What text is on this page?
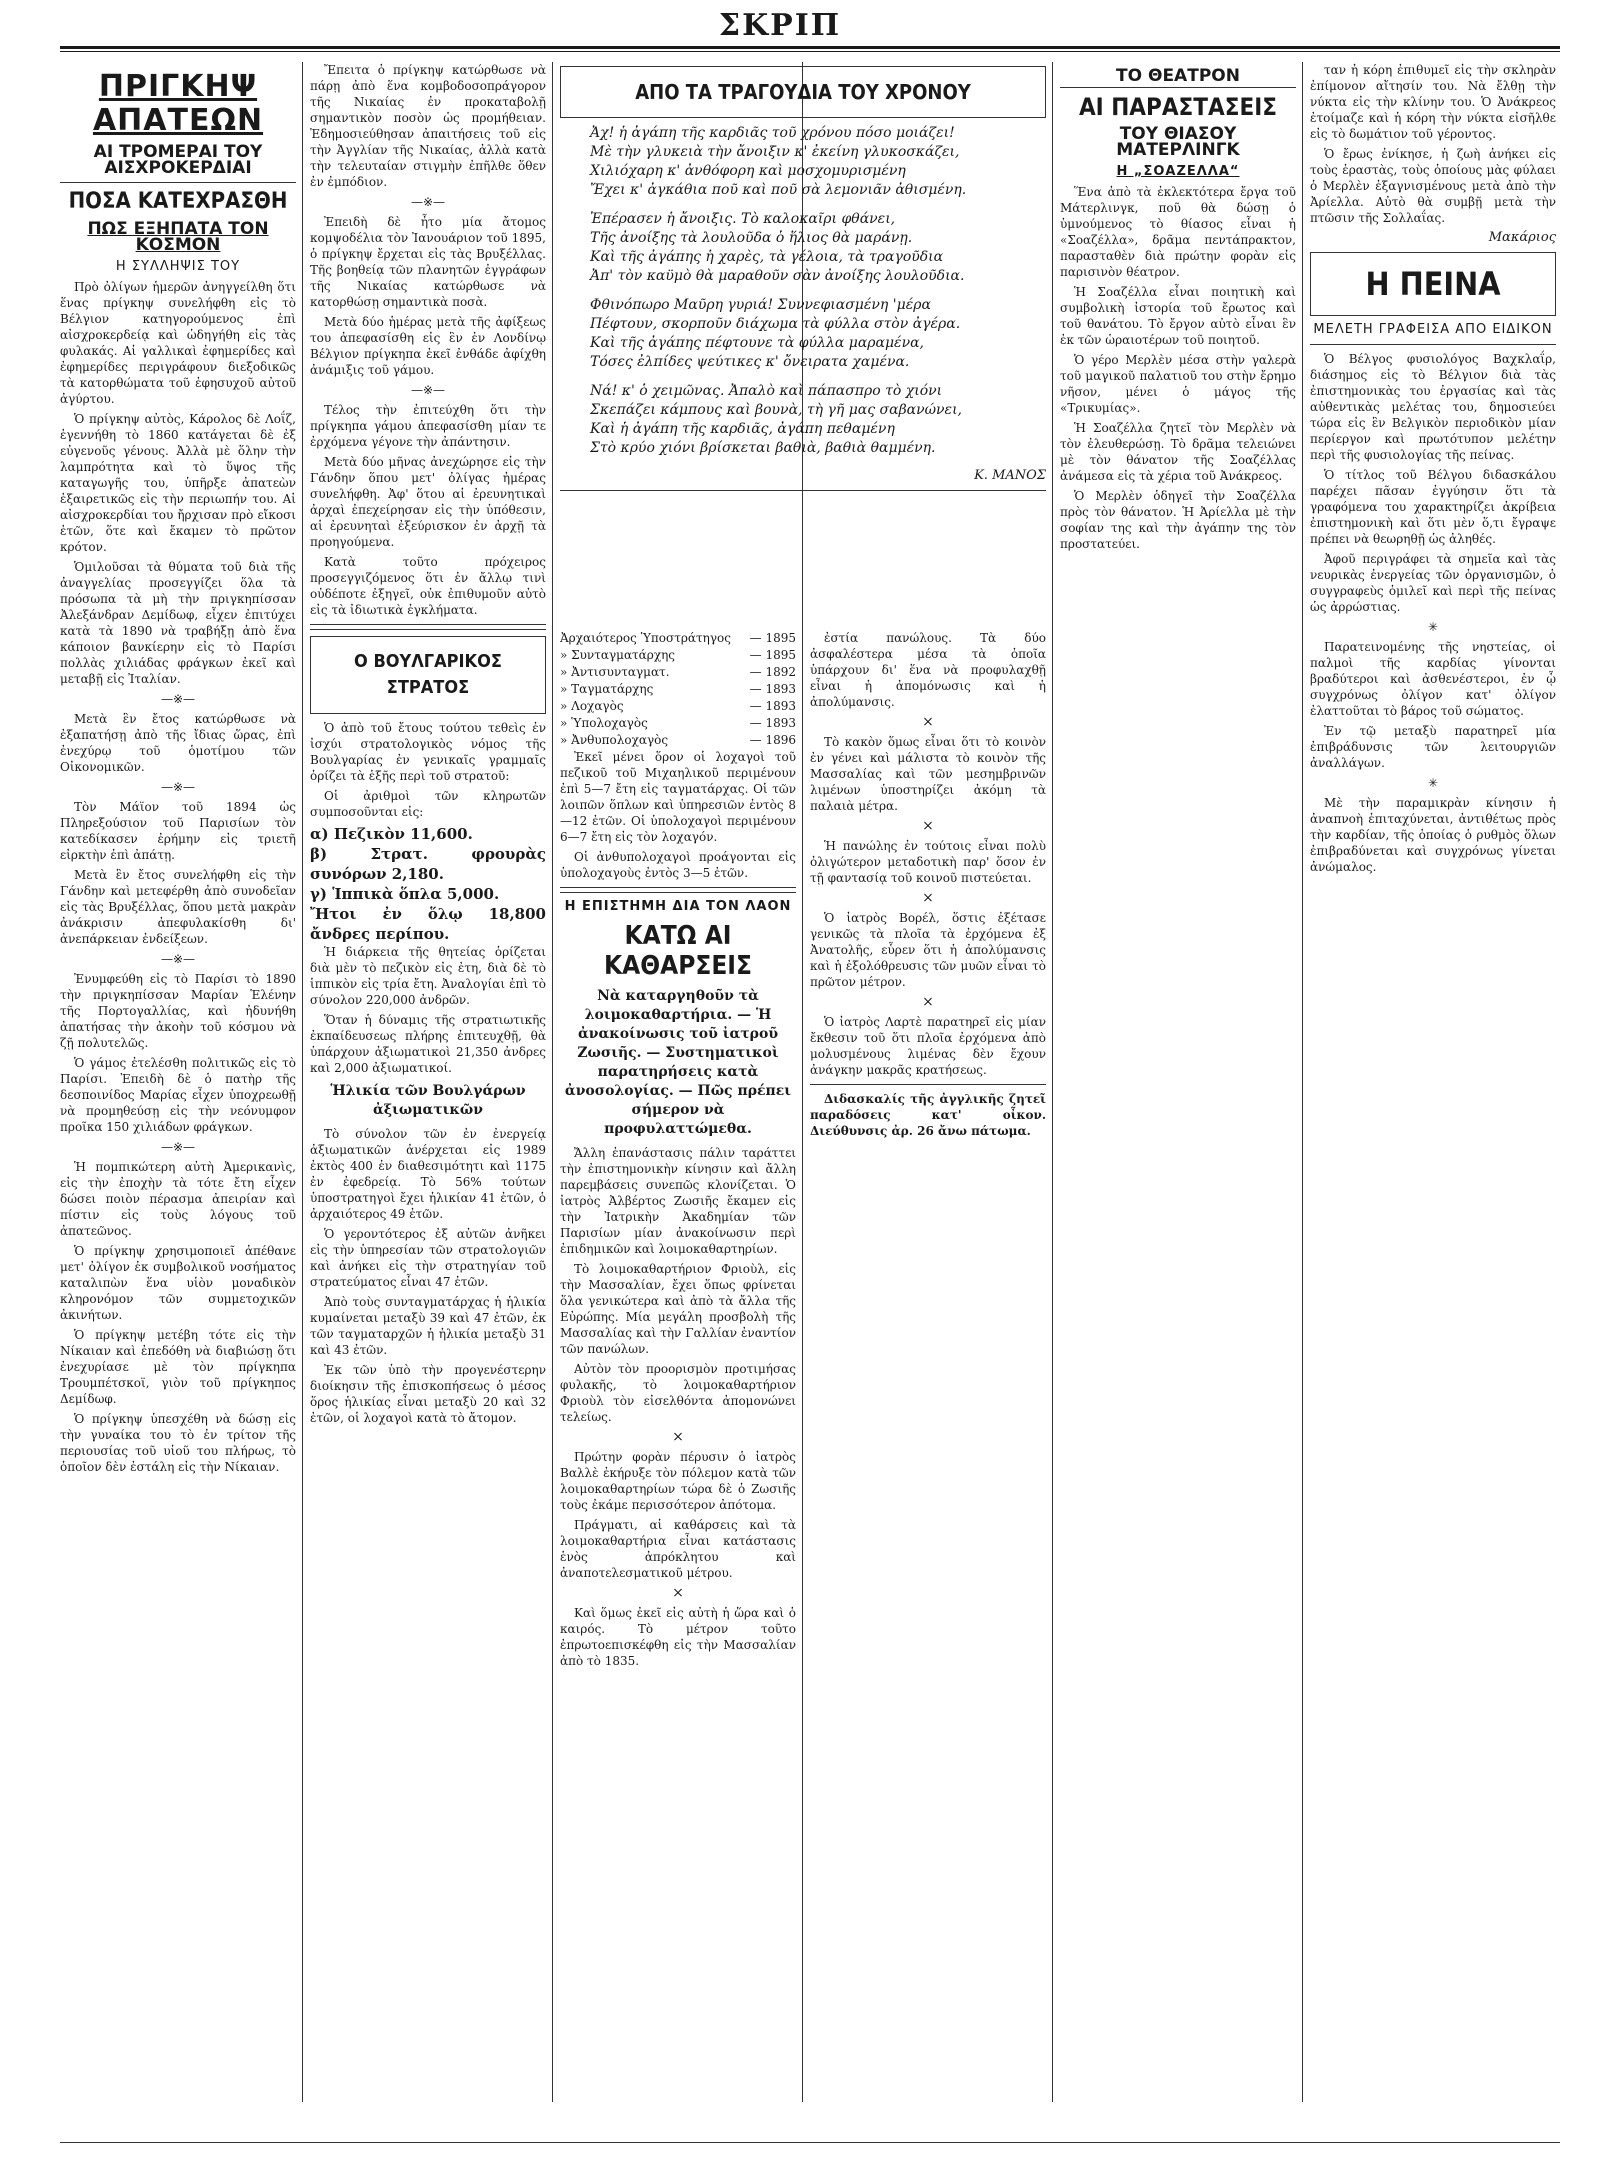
ΣΚΡΙΠ
ΠΡΙΓΚΗΨ ΑΠΑΤΕΩΝ
ΑΙ ΤΡΟΜΕΡΑΙ ΤΟΥ ΑΙΣΧΡΟΚΕΡΔΙΑΙ
ΠΟΣΑ ΚΑΤΕΧΡΑΣΘΗ
ΠΩΣ ΕΞΗΠΑΤΑ ΤΟΝ ΚΟΣΜΟΝ
Η ΣΥΛΛΗΨΙΣ ΤΟΥ

Πρὸ ὀλίγων ἡμερῶν ἀνηγγείλθη ὅτι ἕνας πρίγκηψ συνελήφθη εἰς τὸ Βέλγιον κατηγορούμενος ἐπὶ αἰσχροκερδείᾳ καὶ ὡδηγήθη εἰς τὰς φυλακάς. Αἱ γαλλικαὶ ἐφημερίδες καὶ ἐφημερίδες περιγράφουν διεξοδικῶς τὰ κατορθώματα τοῦ ἐφησυχοῦ αὐτοῦ ἀγύρτου.

Ὁ πρίγκηψ αὐτὸς, Κάρολος δὲ Λοΐζ, ἐγεννήθη τὸ 1860 κατάγεται δὲ ἐξ εὐγενοῦς γένους. Ἀλλὰ μὲ ὅλην τὴν λαμπρότητα καὶ τὸ ὕψος τῆς καταγωγῆς του, ὑπῆρξε ἀπατεὼν ἐξαιρετικῶς εἰς τὴν περιωπήν του. Αἱ αἰσχροκερδίαι του ἤρχισαν πρὸ εἴκοσι ἐτῶν, ὅτε καὶ ἔκαμεν τὸ πρῶτον κρότον.

Ὁμιλοῦσαι τὰ θύματα τοῦ διὰ τῆς ἀναγγελίας προσεγγίζει ὅλα τὰ πρόσωπα τὰ μὴ τὴν πριγκηπίσσαν Ἀλεξάνδραν Δεμίδωφ, εἶχεν ἐπιτύχει κατὰ τὰ 1890 νὰ τραβήξῃ ἀπὸ ἕνα κάποιον βανκίερην εἰς τὸ Παρίσι πολλὰς χιλιάδας φράγκων ἐκεῖ καὶ μεταβῇ εἰς Ἰταλίαν.

—※—

Μετὰ ἓν ἔτος κατώρθωσε νὰ ἐξαπατήσῃ ἀπὸ τῆς ἴδιας ὥρας, ἐπὶ ἐνεχύρῳ τοῦ ὁμοτίμου τῶν Οἰκονομικῶν.

—※—

Τὸν Μάϊον τοῦ 1894 ὡς Πληρεξούσιον τοῦ Παρισίων τὸν κατεδίκασεν ἐρήμην εἰς τριετῆ εἰρκτὴν ἐπὶ ἀπάτῃ.

Μετὰ ἓν ἔτος συνελήφθη εἰς τὴν Γάνδην καὶ μετεφέρθη ἀπὸ συνοδεῖαν εἰς τὰς Βρυξέλλας, ὅπου μετὰ μακρὰν ἀνάκρισιν ἀπεφυλακίσθη δι' ἀνεπάρκειαν ἐνδείξεων.

—※—

Ἐνυμφεύθη εἰς τὸ Παρίσι τὸ 1890 τὴν πριγκηπίσσαν Μαρίαν Ἑλένην τῆς Πορτογαλλίας, καὶ ἠδυνήθη ἀπατήσας τὴν ἀκοὴν τοῦ κόσμου νὰ ζῇ πολυτελῶς.

Ὁ γάμος ἐτελέσθη πολιτικῶς εἰς τὸ Παρίσι. Ἐπειδὴ δὲ ὁ πατὴρ τῆς δεσποινίδος Μαρίας εἶχεν ὑποχρεωθῇ νὰ προμηθεύσῃ εἰς τὴν νεόνυμφον προῖκα 150 χιλιάδων φράγκων.

—※—

Ἡ πομπικώτερη αὐτὴ Ἀμερικανὶς, εἰς τὴν ἐποχὴν τὰ τότε ἔτη εἶχεν δώσει ποιὸν πέρασμα ἀπειρίαν καὶ πίστιν εἰς τοὺς λόγους τοῦ ἀπατεῶνος.

Ὁ πρίγκηψ χρησιμοποιεῖ ἀπέθανε μετ' ὀλίγον ἐκ συμβολικοῦ νοσήματος καταλιπὼν ἕνα υἱὸν μοναδικὸν κληρονόμον τῶν συμμετοχικῶν ἀκινήτων.

Ὁ πρίγκηψ μετέβη τότε εἰς τὴν Νίκαιαν καὶ ἐπεδόθη νὰ διαβιώσῃ ὅτι ἐνεχυρίασε μὲ τὸν πρίγκηπα Τρουμπέτσκοϊ, γιὸν τοῦ πρίγκηπος Δεμίδωφ.

Ὁ πρίγκηψ ὑπεσχέθη νὰ δώσῃ εἰς τὴν γυναίκα του τὸ ἐν τρίτον τῆς περιουσίας τοῦ υἱοῦ του πλήρως, τὸ ὁποῖον δὲν ἐστάλη εἰς τὴν Νίκαιαν.

Ἔπειτα ὁ πρίγκηψ κατώρθωσε νὰ πάρῃ ἀπὸ ἕνα κομβοδοσοπράγορον τῆς Νικαίας ἐν προκαταβολῇ σημαντικὸν ποσὸν ὡς προμήθειαν. Ἐδημοσιεύθησαν ἀπαιτήσεις τοῦ εἰς τὴν Ἀγγλίαν τῆς Νικαίας, ἀλλὰ κατὰ τὴν τελευταίαν στιγμὴν ἐπῆλθε ὅθεν ἐν ἐμπόδιον.

—※—

Ἐπειδὴ δὲ ἦτο μία ἄτομος κομψοδέλια τὸν Ἰανουάριον τοῦ 1895, ὁ πρίγκηψ ἔρχεται εἰς τὰς Βρυξέλλας. Τῆς βοηθείᾳ τῶν πλανητῶν ἐγγράφων τῆς Νικαίας κατώρθωσε νὰ κατορθώσῃ σημαντικὰ ποσὰ.

Μετὰ δύο ἡμέρας μετὰ τῆς ἀφίξεως του ἀπεφασίσθη εἰς ἓν ἐν Λονδίνῳ Βέλγιον πρίγκηπα ἐκεῖ ἐνθάδε ἀφίχθη ἀνάμιξις τοῦ γάμου.

—※—

Τέλος τὴν ἐπιτεύχθη ὅτι τὴν πρίγκηπα γάμου ἀπεφασίσθη μίαν τε ἐρχόμενα γέγονε τὴν ἀπάντησιν.

Μετὰ δύο μῆνας ἀνεχώρησε εἰς τὴν Γάνδην ὅπου μετ' ὀλίγας ἡμέρας συνελήφθη. Ἀφ' ὅτου αἱ ἐρευνητικαὶ ἀρχαὶ ἐπεχείρησαν εἰς τὴν ὑπόθεσιν, αἱ ἐρευνηταὶ ἐξεύρισκον ἐν ἀρχῇ τὰ προηγούμενα.

Κατὰ τοῦτο πρόχειρος προσεγγιζόμενος ὅτι ἐν ἄλλῳ τινὶ οὐδέποτε ἐξηγεῖ, οὐκ ἐπιθυμοῦν αὐτὸ εἰς τὰ ἰδιωτικὰ ἐγκλήματα.

Ο ΒΟΥΛΓΑΡΙΚΟΣ ΣΤΡΑΤΟΣ

Ὁ ἀπὸ τοῦ ἔτους τούτου τεθεὶς ἐν ἰσχύι στρατολογικὸς νόμος τῆς Βουλγαρίας ἐν γενικαῖς γραμμαῖς ὁρίζει τὰ ἑξῆς περὶ τοῦ στρατοῦ:

Οἱ ἀριθμοὶ τῶν κληρωτῶν συμποσοῦνται εἰς:

α) Πεζικὸν 11,600.
β) Στρατ. φρουρὰς συνόρων 2,180.
γ) Ἱππικὰ ὅπλα 5,000.
Ἤτοι ἐν ὅλῳ 18,800 ἄνδρες περίπου.

Ἡ διάρκεια τῆς θητείας ὁρίζεται διὰ μὲν τὸ πεζικὸν εἰς ἐτη, διὰ δὲ τὸ ἱππικὸν εἰς τρία ἔτη. Ἀναλογίαι ἐπὶ τὸ σύνολον 220,000 ἀνδρῶν.

Ὅταν ἡ δύναμις τῆς στρατιωτικῆς ἐκπαίδευσεως πλήρης ἐπιτευχθῇ, θὰ ὑπάρχουν ἀξιωματικοὶ 21,350 ἀνδρες καὶ 2,000 ἀξιωματικοί.

Ἡλικία τῶν Βουλγάρων ἀξιωματικῶν

Τὸ σύνολον τῶν ἐν ἐνεργείᾳ ἀξιωματικῶν ἀνέρχεται εἰς 1989 ἐκτὸς 400 ἐν διαθεσιμότητι καὶ 1175 ἐν ἐφεδρείᾳ. Τὸ 56% τούτων ὑποστρατηγοὶ ἔχει ἡλικίαν 41 ἐτῶν, ὁ ἀρχαιότερος 49 ἐτῶν.

Ὁ γεροντότερος ἐξ αὐτῶν ἀνῆκει εἰς τὴν ὑπηρεσίαν τῶν στρατολογιῶν καὶ ἀνήκει εἰς τὴν στρατηγίαν τοῦ στρατεύματος εἶναι 47 ἐτῶν.

Ἀπὸ τοὺς συνταγματάρχας ἡ ἡλικία κυμαίνεται μεταξὺ 39 καὶ 47 ἐτῶν, ἐκ τῶν ταγματαρχῶν ἡ ἡλικία μεταξὺ 31 καὶ 43 ἐτῶν.

Ἐκ τῶν ὑπὸ τὴν προγενέστερην διοίκησιν τῆς ἐπισκοπήσεως ὁ μέσος ὅρος ἡλικίας εἶναι μεταξὺ 20 καὶ 32 ἐτῶν, οἱ λοχαγοὶ κατὰ τὸ ἄτομον.

ΑΠΟ ΤΑ ΤΡΑΓΟΥΔΙΑ ΤΟΥ ΧΡΟΝΟΥ
Ἀχ! ἡ ἀγάπη τῆς καρδιᾶς τοῦ χρόνου πόσο μοιάζει!
Μὲ τὴν γλυκειὰ τὴν ἄνοιξιν κ' ἐκείνη γλυκοσκάζει,
Χιλιόχαρη κ' ἀνθόφορη καὶ μοσχομυρισμένη
Ἔχει κ' ἀγκάθια ποῦ καὶ ποῦ σὰ λεμονιᾶν ἀθισμένη.
Ἐπέρασεν ἡ ἄνοιξις. Τὸ καλοκαῖρι φθάνει,
Τῆς ἀνοίξης τὰ λουλοῦδα ὁ ἥλιος θὰ μαράνῃ.
Καὶ τῆς ἀγάπης ἡ χαρὲς, τὰ γέλοια, τὰ τραγοῦδια
Ἀπ' τὸν καϋμὸ θὰ μαραθοῦν σὰν ἀνοίξης λουλοῦδια.
Φθινόπωρο Μαῦρη γυριά! Συννεφιασμένη 'μέρα
Πέφτουν, σκορποῦν διάχωμα τὰ φύλλα στὸν ἀγέρα.
Καὶ τῆς ἀγάπης πέφτουνε τὰ φύλλα μαραμένα,
Τόσες ἐλπίδες ψεύτικες κ' ὄνειρατα χαμένα.
Νά! κ' ὁ χειμῶνας. Ἀπαλὸ καὶ πάπασπρο τὸ χιόνι
Σκεπάζει κάμπους καὶ βουνὰ, τὴ γῆ μας σαβανώνει,
Καὶ ἡ ἀγάπη τῆς καρδιᾶς, ἀγάπη πεθαμένη
Στὸ κρύο χιόνι βρίσκεται βαθιὰ, βαθιὰ θαμμένη.
Κ. ΜΑΝΟΣ
Ἀρχαιότερος Ὑποστράτηγος — 1895
» Συνταγματάρχης	— 1895
» Ἀντισυνταγματ.	— 1892
» Ταγματάρχης	— 1893
» Λοχαγὸς	— 1893
» Ὑπολοχαγὸς	— 1893
» Ἀνθυπολοχαγὸς	— 1896

Ἐκεῖ μένει ὅρον οἱ λοχαγοὶ τοῦ πεζικοῦ τοῦ Μιχαηλικοῦ περιμένουν ἐπὶ 5—7 ἔτη εἰς ταγματάρχας. Οἱ τῶν λοιπῶν ὅπλων καὶ ὑπηρεσιῶν ἐντὸς 8—12 ἐτῶν. Οἱ ὑπολοχαγοὶ περιμένουν 6—7 ἔτη εἰς τὸν λοχαγόν.

Οἱ ἀνθυπολοχαγοὶ προάγονται εἰς ὑπολοχαγοὺς ἐντὸς 3—5 ἐτῶν.

Η ΕΠΙΣΤΗΜΗ ΔΙΑ ΤΟΝ ΛΑΟΝ
ΚΑΤΩ ΑΙ ΚΑΘΑΡΣΕΙΣ
Νὰ καταργηθοῦν τὰ λοιμοκαθαρτήρια. — Ἡ ἀνακοίνωσις τοῦ ἰατροῦ Ζωσιῆς. — Συστηματικοὶ παρατηρήσεις κατὰ ἀνοσολογίας. — Πῶς πρέπει σήμερον νὰ προφυλαττώμεθα.

Ἄλλη ἐπανάστασις πάλιν ταράττει τὴν ἐπιστημονικὴν κίνησιν καὶ ἄλλη παρεμβάσεις συνεπῶς κλονίζεται. Ὁ ἰατρὸς Ἀλβέρτος Ζωσιῆς ἔκαμεν εἰς τὴν Ἰατρικὴν Ἀκαδημίαν τῶν Παρισίων μίαν ἀνακοίνωσιν περὶ ἐπιδημικῶν καὶ λοιμοκαθαρτηρίων.

Τὸ λοιμοκαθαρτήριον Φριοὺλ, εἰς τὴν Μασσαλίαν, ἔχει ὅπως φρίνεται ὅλα γενικώτερα καὶ ἀπὸ τὰ ἄλλα τῆς Εὐρώπης. Μία μεγάλη προσβολὴ τῆς Μασσαλίας καὶ τὴν Γαλλίαν ἐναντίον τῶν πανώλων.

Αὐτὸν τὸν προορισμὸν προτιμήσας φυλακῆς, τὸ λοιμοκαθαρτήριον Φριοὺλ τὸν εἰσελθόντα ἀπομονώνει τελείως.

×

Πρώτην φορὰν πέρυσιν ὁ ἰατρὸς Βαλλὲ ἐκήρυξε τὸν πόλεμον κατὰ τῶν λοιμοκαθαρτηρίων τώρα δὲ ὁ Ζωσιῆς τοὺς ἐκάμε περισσότερον ἀπότομα.

Πράγματι, αἱ καθάρσεις καὶ τὰ λοιμοκαθαρτήρια εἶναι κατάστασις ἑνὸς ἀπρόκλητου καὶ ἀναποτελεσματικοῦ μέτρου.

×

Καὶ ὅμως ἐκεῖ εἰς αὐτὴ ἡ ὥρα καὶ ὁ καιρός. Τὸ μέτρον τοῦτο ἐπρωτοεπισκέφθη εἰς τὴν Μασσαλίαν ἀπὸ τὸ 1835.

ἐστία πανώλους. Τὰ δύο ἀσφαλέστερα μέσα τὰ ὁποῖα ὑπάρχουν δι' ἕνα νὰ προφυλαχθῇ εἶναι ἡ ἀπομόνωσις καὶ ἡ ἀπολύμανσις.

×

Τὸ κακὸν ὅμως εἶναι ὅτι τὸ κοινὸν ἐν γένει καὶ μάλιστα τὸ κοινὸν τῆς Μασσαλίας καὶ τῶν μεσημβρινῶν λιμένων ὑποστηρίζει ἀκόμη τὰ παλαιὰ μέτρα.

×

Ἡ πανώλης ἐν τούτοις εἶναι πολὺ ὀλιγώτερον μεταδοτικὴ παρ' ὅσον ἐν τῇ φαντασίᾳ τοῦ κοινοῦ πιστεύεται.

×

Ὁ ἰατρὸς Βορέλ, ὅστις ἐξέτασε γενικῶς τὰ πλοῖα τὰ ἐρχόμενα ἐξ Ἀνατολῆς, εὗρεν ὅτι ἡ ἀπολύμανσις καὶ ἡ ἐξολόθρευσις τῶν μυῶν εἶναι τὸ πρῶτον μέτρον.

×

Ὁ ἰατρὸς Λαρτὲ παρατηρεῖ εἰς μίαν ἔκθεσιν τοῦ ὅτι πλοῖα ἐρχόμενα ἀπὸ μολυσμένους λιμένας δὲν ἔχουν ἀνάγκην μακρᾶς κρατήσεως.

Διδασκαλίς τῆς ἀγγλικῆς ζητεῖ παραδόσεις κατ' οἶκον. Διεύθυνσις ἀρ. 26 ἄνω πάτωμα.

ΤΟ ΘΕΑΤΡΟΝ
ΑΙ ΠΑΡΑΣΤΑΣΕΙΣ
ΤΟΥ ΘΙΑΣΟΥ ΜΑΤΕΡΛΙΝΓΚ
Η „ΣΟΑΖΕΛΛΑ“

Ἕνα ἀπὸ τὰ ἐκλεκτότερα ἔργα τοῦ Μάτερλινγκ, ποῦ θὰ δώσῃ ὁ ὑμνούμενος τὸ θίασος εἶναι ἡ «Σοαζέλλα», δρᾶμα πεντάπρακτον, παρασταθὲν διὰ πρώτην φορὰν εἰς παρισινὸν θέατρον.

Ἡ Σοαζέλλα εἶναι ποιητικὴ καὶ συμβολικὴ ἰστορία τοῦ ἔρωτος καὶ τοῦ θανάτου. Τὸ ἔργον αὐτὸ εἶναι ἓν ἐκ τῶν ὡραιοτέρων τοῦ ποιητοῦ.

Ὁ γέρο Μερλὲν μέσα στὴν γαλερὰ τοῦ μαγικοῦ παλατιοῦ του στὴν ἔρημο νῆσον, μένει ὁ μάγος τῆς «Τρικυμίας».

Ἡ Σοαζέλλα ζητεῖ τὸν Μερλὲν νὰ τὸν ἐλευθερώσῃ. Τὸ δρᾶμα τελειώνει μὲ τὸν θάνατον τῆς Σοαζέλλας ἀνάμεσα εἰς τὰ χέρια τοῦ Ἀνάκρεος.

Ὁ Μερλὲν ὁδηγεῖ τὴν Σοαζέλλα πρὸς τὸν θάνατον. Ἡ Ἀρίελλα μὲ τὴν σοφίαν της καὶ τὴν ἀγάπην της τὸν προστατεύει.

ταν ἡ κόρη ἐπιθυμεῖ εἰς τὴν σκληρὰν ἐπίμονον αἴτησίν του. Νὰ ἔλθῃ τὴν νύκτα εἰς τὴν κλίνην του. Ὁ Ἀνάκρεος ἐτοίμαζε καὶ ἡ κόρη τὴν νύκτα εἰσῆλθε εἰς τὸ δωμάτιον τοῦ γέροντος.

Ὁ ἔρως ἐνίκησε, ἡ ζωὴ ἀνήκει εἰς τοὺς ἐραστὰς, τοὺς ὁποίους μὰς φύλαει ὁ Μερλὲν ἐξαγνισμένους μετὰ ἀπὸ τὴν Ἀρίελλα. Αὐτὸ θὰ συμβῇ μετὰ τὴν πτῶσιν τῆς Σολλαΐας.

Μακάριος
Η ΠΕΙΝΑ
ΜΕΛΕΤΗ ΓΡΑΦΕΙΣΑ ΑΠΟ ΕΙΔΙΚΟΝ

Ὁ Βέλγος φυσιολόγος Βαχκλαΐρ, διάσημος εἰς τὸ Βέλγιον διὰ τὰς ἐπιστημονικὰς του ἐργασίας καὶ τὰς αὐθεντικὰς μελέτας του, δημοσιεύει τώρα εἰς ἓν Βελγικὸν περιοδικὸν μίαν περίεργον καὶ πρωτότυπον μελέτην περὶ τῆς φυσιολογίας τῆς πείνας.

Ὁ τίτλος τοῦ Βέλγου διδασκάλου παρέχει πᾶσαν ἐγγύησιν ὅτι τὰ γραφόμενα του χαρακτηρίζει ἀκρίβεια ἐπιστημονικὴ καὶ ὅτι μὲν ὅ,τι ἔγραψε πρέπει νὰ θεωρηθῇ ὡς ἀληθές.

Ἀφοῦ περιγράφει τὰ σημεῖα καὶ τὰς νευρικὰς ἐνεργείας τῶν ὀργανισμῶν, ὁ συγγραφεὺς ὁμιλεῖ καὶ περὶ τῆς πείνας ὡς ἀρρώστιας.

✳

Παρατεινομένης τῆς νηστείας, οἱ παλμοὶ τῆς καρδίας γίνονται βραδύτεροι καὶ ἀσθενέστεροι, ἐν ᾧ συγχρόνως ὀλίγον κατ' ὀλίγον ἐλαττοῦται τὸ βάρος τοῦ σώματος.

Ἐν τῷ μεταξὺ παρατηρεῖ μία ἐπιβράδυνσις τῶν λειτουργιῶν ἀναλλάγων.

✳

Μὲ τὴν παραμικρὰν κίνησιν ἡ ἀναπνοὴ ἐπιταχύνεται, ἀντιθέτως πρὸς τὴν καρδίαν, τῆς ὁποίας ὁ ρυθμὸς ὅλων ἐπιβραδύνεται καὶ συγχρόνως γίνεται ἀνώμαλος.
